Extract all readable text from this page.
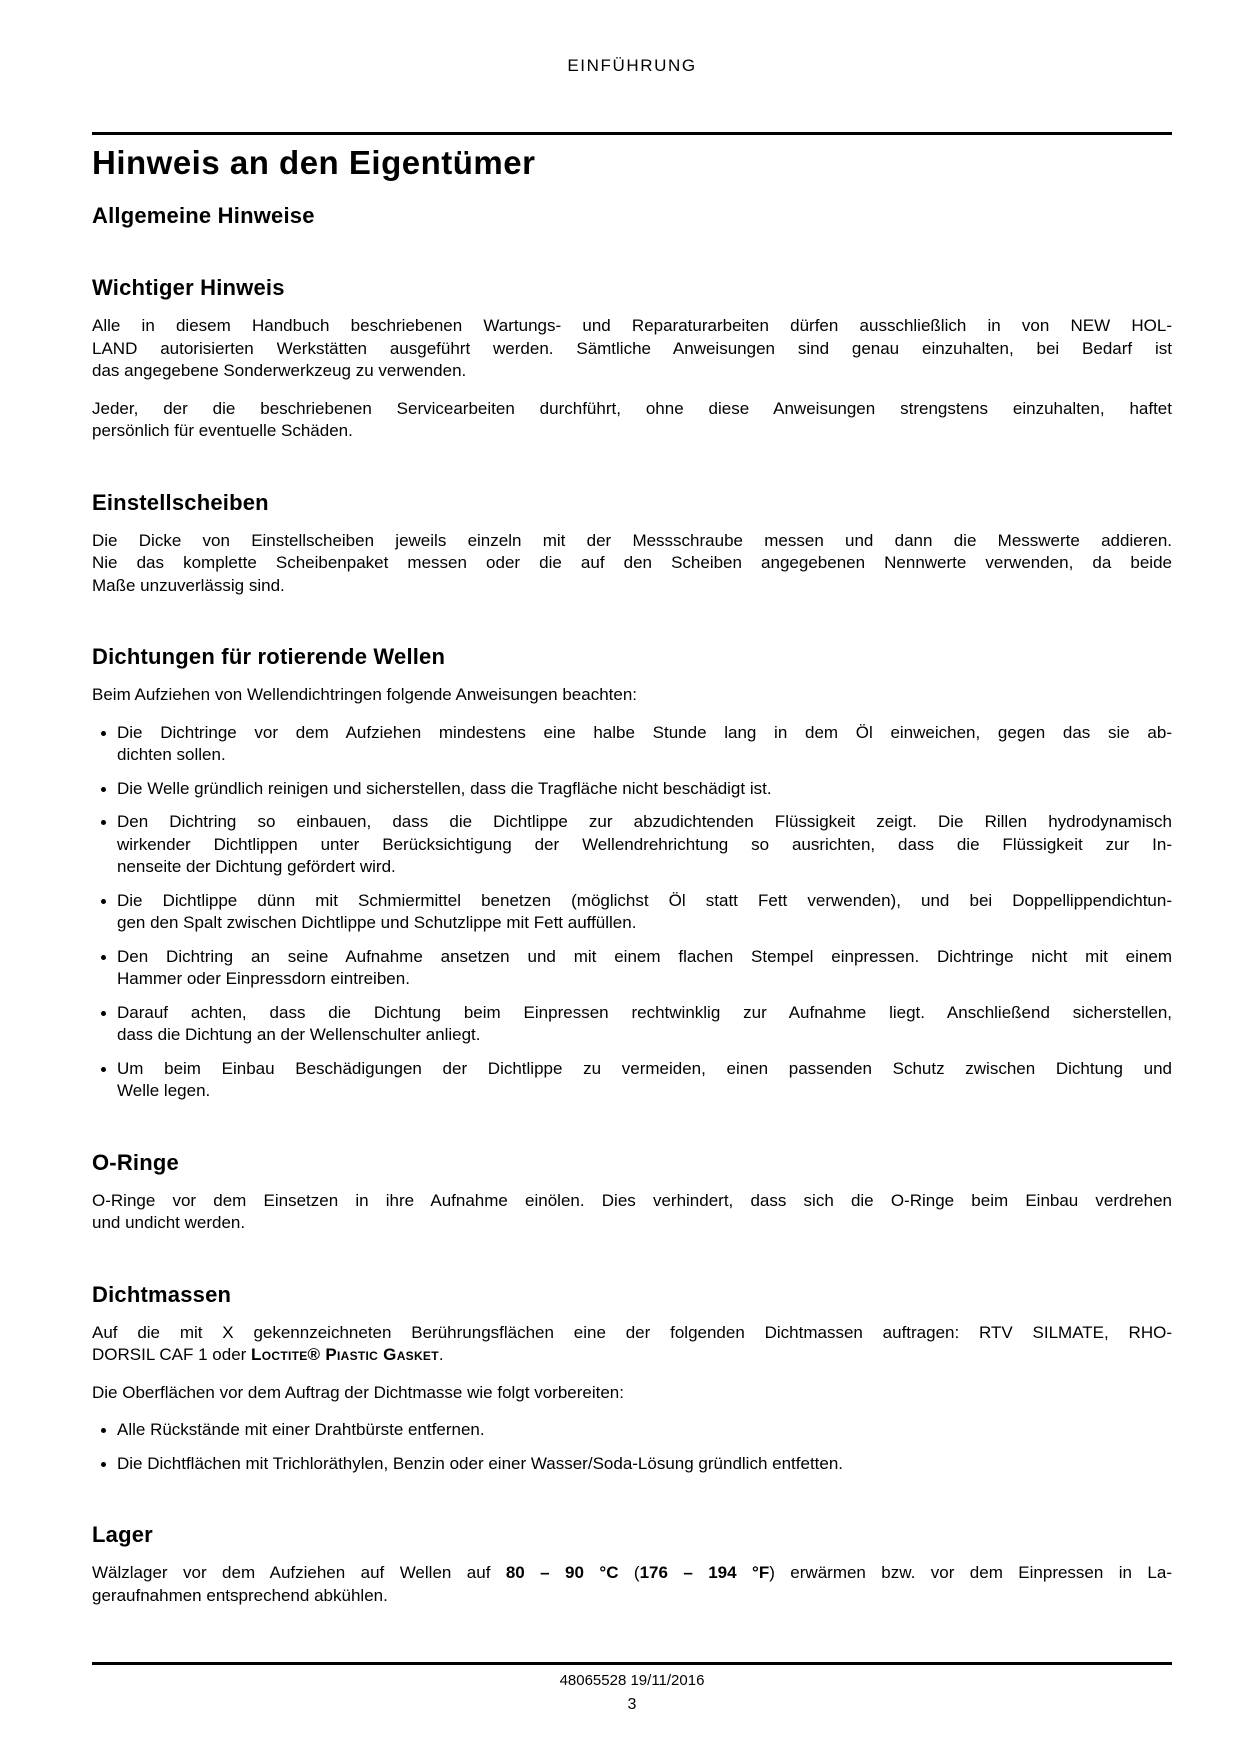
EINFÜHRUNG
Hinweis an den Eigentümer
Allgemeine Hinweise
Wichtiger Hinweis
Alle in diesem Handbuch beschriebenen Wartungs- und Reparaturarbeiten dürfen ausschließlich in von NEW HOL-
LAND autorisierten Werkstätten ausgeführt werden. Sämtliche Anweisungen sind genau einzuhalten, bei Bedarf ist
das angegebene Sonderwerkzeug zu verwenden.
Jeder, der die beschriebenen Servicearbeiten durchführt, ohne diese Anweisungen strengstens einzuhalten, haftet
persönlich für eventuelle Schäden.
Einstellscheiben
Die Dicke von Einstellscheiben jeweils einzeln mit der Messschraube messen und dann die Messwerte addieren.
Nie das komplette Scheibenpaket messen oder die auf den Scheiben angegebenen Nennwerte verwenden, da beide
Maße unzuverlässig sind.
Dichtungen für rotierende Wellen
Beim Aufziehen von Wellendichtringen folgende Anweisungen beachten:
Die Dichtringe vor dem Aufziehen mindestens eine halbe Stunde lang in dem Öl einweichen, gegen das sie ab-
dichten sollen.
Die Welle gründlich reinigen und sicherstellen, dass die Tragfläche nicht beschädigt ist.
Den Dichtring so einbauen, dass die Dichtlippe zur abzudichtenden Flüssigkeit zeigt. Die Rillen hydrodynamisch
wirkender Dichtlippen unter Berücksichtigung der Wellendrehrichtung so ausrichten, dass die Flüssigkeit zur In-
nenseite der Dichtung gefördert wird.
Die Dichtlippe dünn mit Schmiermittel benetzen (möglichst Öl statt Fett verwenden), und bei Doppellippendichtun-
gen den Spalt zwischen Dichtlippe und Schutzlippe mit Fett auffüllen.
Den Dichtring an seine Aufnahme ansetzen und mit einem flachen Stempel einpressen. Dichtringe nicht mit einem
Hammer oder Einpressdorn eintreiben.
Darauf achten, dass die Dichtung beim Einpressen rechtwinklig zur Aufnahme liegt. Anschließend sicherstellen,
dass die Dichtung an der Wellenschulter anliegt.
Um beim Einbau Beschädigungen der Dichtlippe zu vermeiden, einen passenden Schutz zwischen Dichtung und
Welle legen.
O-Ringe
O-Ringe vor dem Einsetzen in ihre Aufnahme einölen. Dies verhindert, dass sich die O-Ringe beim Einbau verdrehen
und undicht werden.
Dichtmassen
Auf die mit X gekennzeichneten Berührungsflächen eine der folgenden Dichtmassen auftragen: RTV SILMATE, RHO-
DORSIL CAF 1 oder Loctite® Piastic Gasket.
Die Oberflächen vor dem Auftrag der Dichtmasse wie folgt vorbereiten:
Alle Rückstände mit einer Drahtbürste entfernen.
Die Dichtflächen mit Trichloräthylen, Benzin oder einer Wasser/Soda-Lösung gründlich entfetten.
Lager
Wälzlager vor dem Aufziehen auf Wellen auf 80 – 90 °C (176 – 194 °F) erwärmen bzw. vor dem Einpressen in La-
geraufnahmen entsprechend abkühlen.
48065528 19/11/2016
3
